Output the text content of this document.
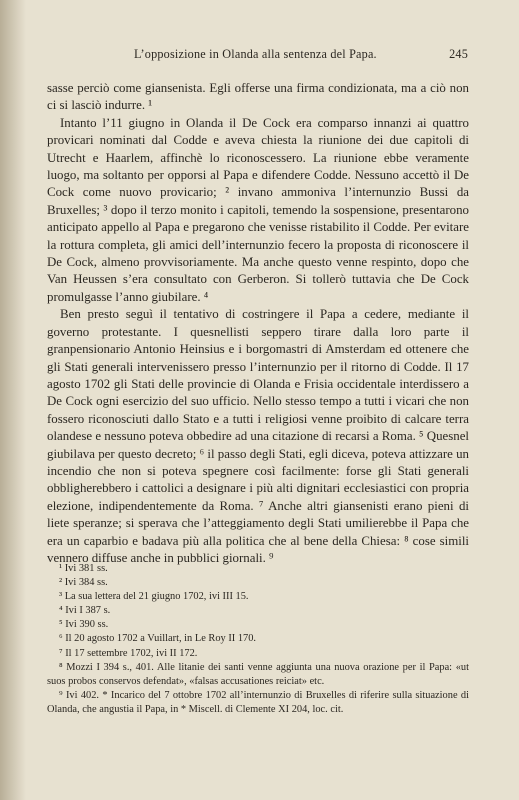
L’opposizione in Olanda alla sentenza del Papa.	245

sasse perciò come giansenista. Egli offerse una firma condizionata, ma a ciò non ci si lasciò indurre. ¹

Intanto l’11 giugno in Olanda il De Cock era comparso innanzi ai quattro provicari nominati dal Codde e aveva chiesta la riunione dei due capitoli di Utrecht e Haarlem, affinchè lo riconoscessero. La riunione ebbe veramente luogo, ma soltanto per opporsi al Papa e difendere Codde. Nessuno accettò il De Cock come nuovo provicario; ² invano ammoniva l’internunzio Bussi da Bruxelles; ³ dopo il terzo monito i capitoli, temendo la sospensione, presentarono anticipato appello al Papa e pregarono che venisse ristabilito il Codde. Per evitare la rottura completa, gli amici dell’internunzio fecero la proposta di riconoscere il De Cock, almeno provvisoriamente. Ma anche questo venne respinto, dopo che Van Heussen s’era consultato con Gerberon. Si tollerò tuttavia che De Cock promulgasse l’anno giubilare. ⁴

Ben presto seguì il tentativo di costringere il Papa a cedere, mediante il governo protestante. I quesnellisti seppero tirare dalla loro parte il granpensionario Antonio Heinsius e i borgomastri di Amsterdam ed ottenere che gli Stati generali intervenissero presso l’internunzio per il ritorno di Codde. Il 17 agosto 1702 gli Stati delle provincie di Olanda e Frisia occidentale interdissero a De Cock ogni esercizio del suo ufficio. Nello stesso tempo a tutti i vicari che non fossero riconosciuti dallo Stato e a tutti i religiosi venne proibito di calcare terra olandese e nessuno poteva obbedire ad una citazione di recarsi a Roma. ⁵ Quesnel giubilava per questo decreto; ⁶ il passo degli Stati, egli diceva, poteva attizzare un incendio che non si poteva spegnere così facilmente: forse gli Stati generali obbligherebbero i cattolici a designare i più alti dignitari ecclesiastici con propria elezione, indipendentemente da Roma. ⁷ Anche altri giansenisti erano pieni di liete speranze; si sperava che l’atteggiamento degli Stati umilierebbe il Papa che era un caparbio e badava più alla politica che al bene della Chiesa: ⁸ cose simili vennero diffuse anche in pubblici giornali. ⁹

¹ Ivi 381 ss.

² Ivi 384 ss.

³ La sua lettera del 21 giugno 1702, ivi III 15.

⁴ Ivi I 387 s.

⁵ Ivi 390 ss.

⁶ Il 20 agosto 1702 a Vuillart, in Le Roy II 170.

⁷ Il 17 settembre 1702, ivi II 172.

⁸ Mozzi I 394 s., 401. Alle litanie dei santi venne aggiunta una nuova orazione per il Papa: «ut suos probos conservos defendat», «falsas accusationes reiciat» etc.

⁹ Ivi 402. * Incarico del 7 ottobre 1702 all’internunzio di Bruxelles di riferire sulla situazione di Olanda, che angustia il Papa, in * Miscell. di Clemente XI 204, loc. cit.
